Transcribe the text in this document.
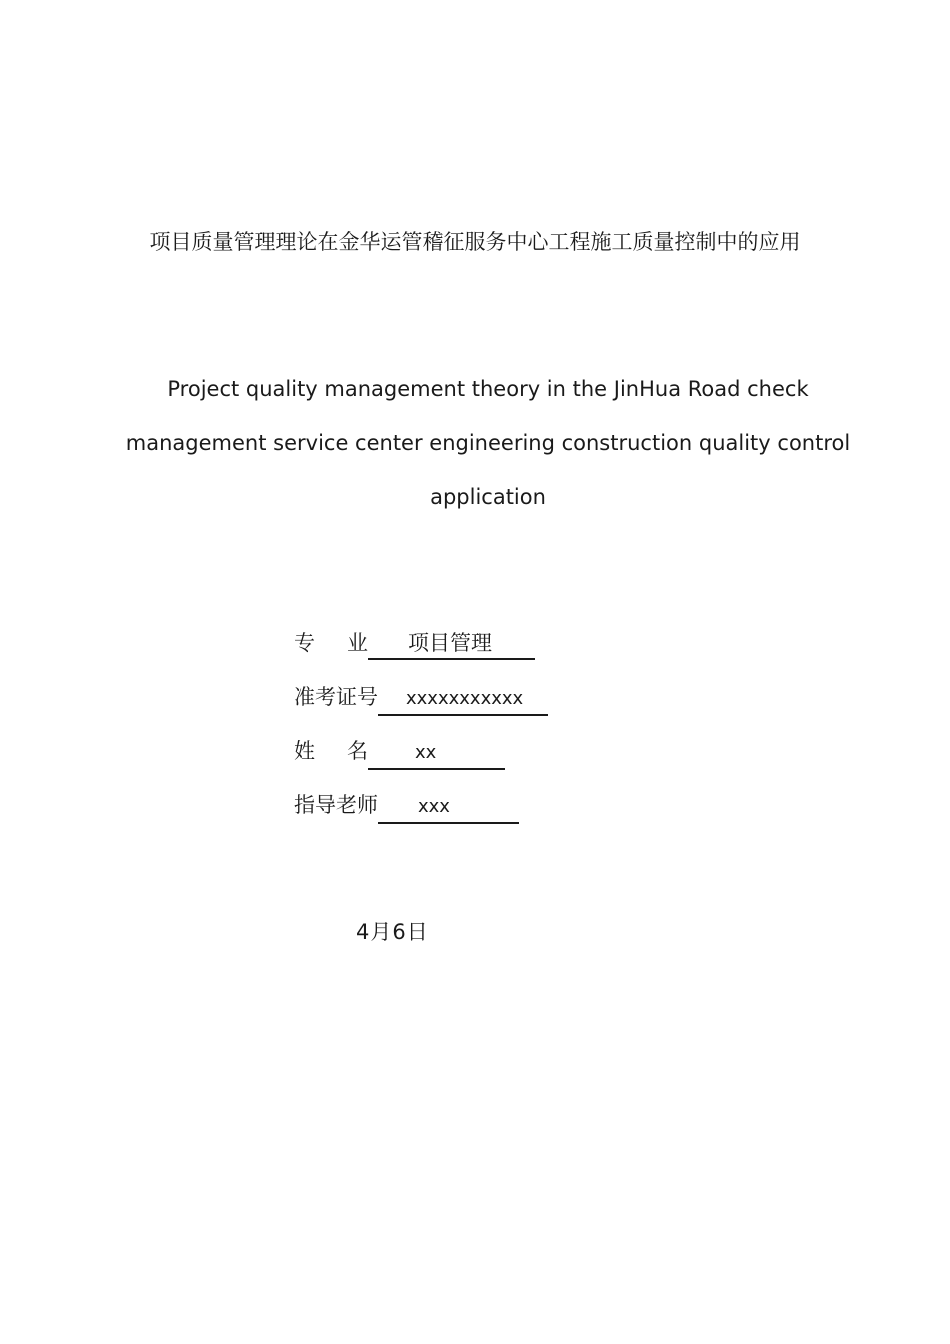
项目质量管理理论在金华运管稽征服务中心工程施工质量控制中的应用
Project quality management theory in the JinHua Road check
management service center engineering construction quality control
application
专 业	项目管理
准考证号	xxxxxxxxxxx
姓 名	xx
指导老师	xxx
4月6日
